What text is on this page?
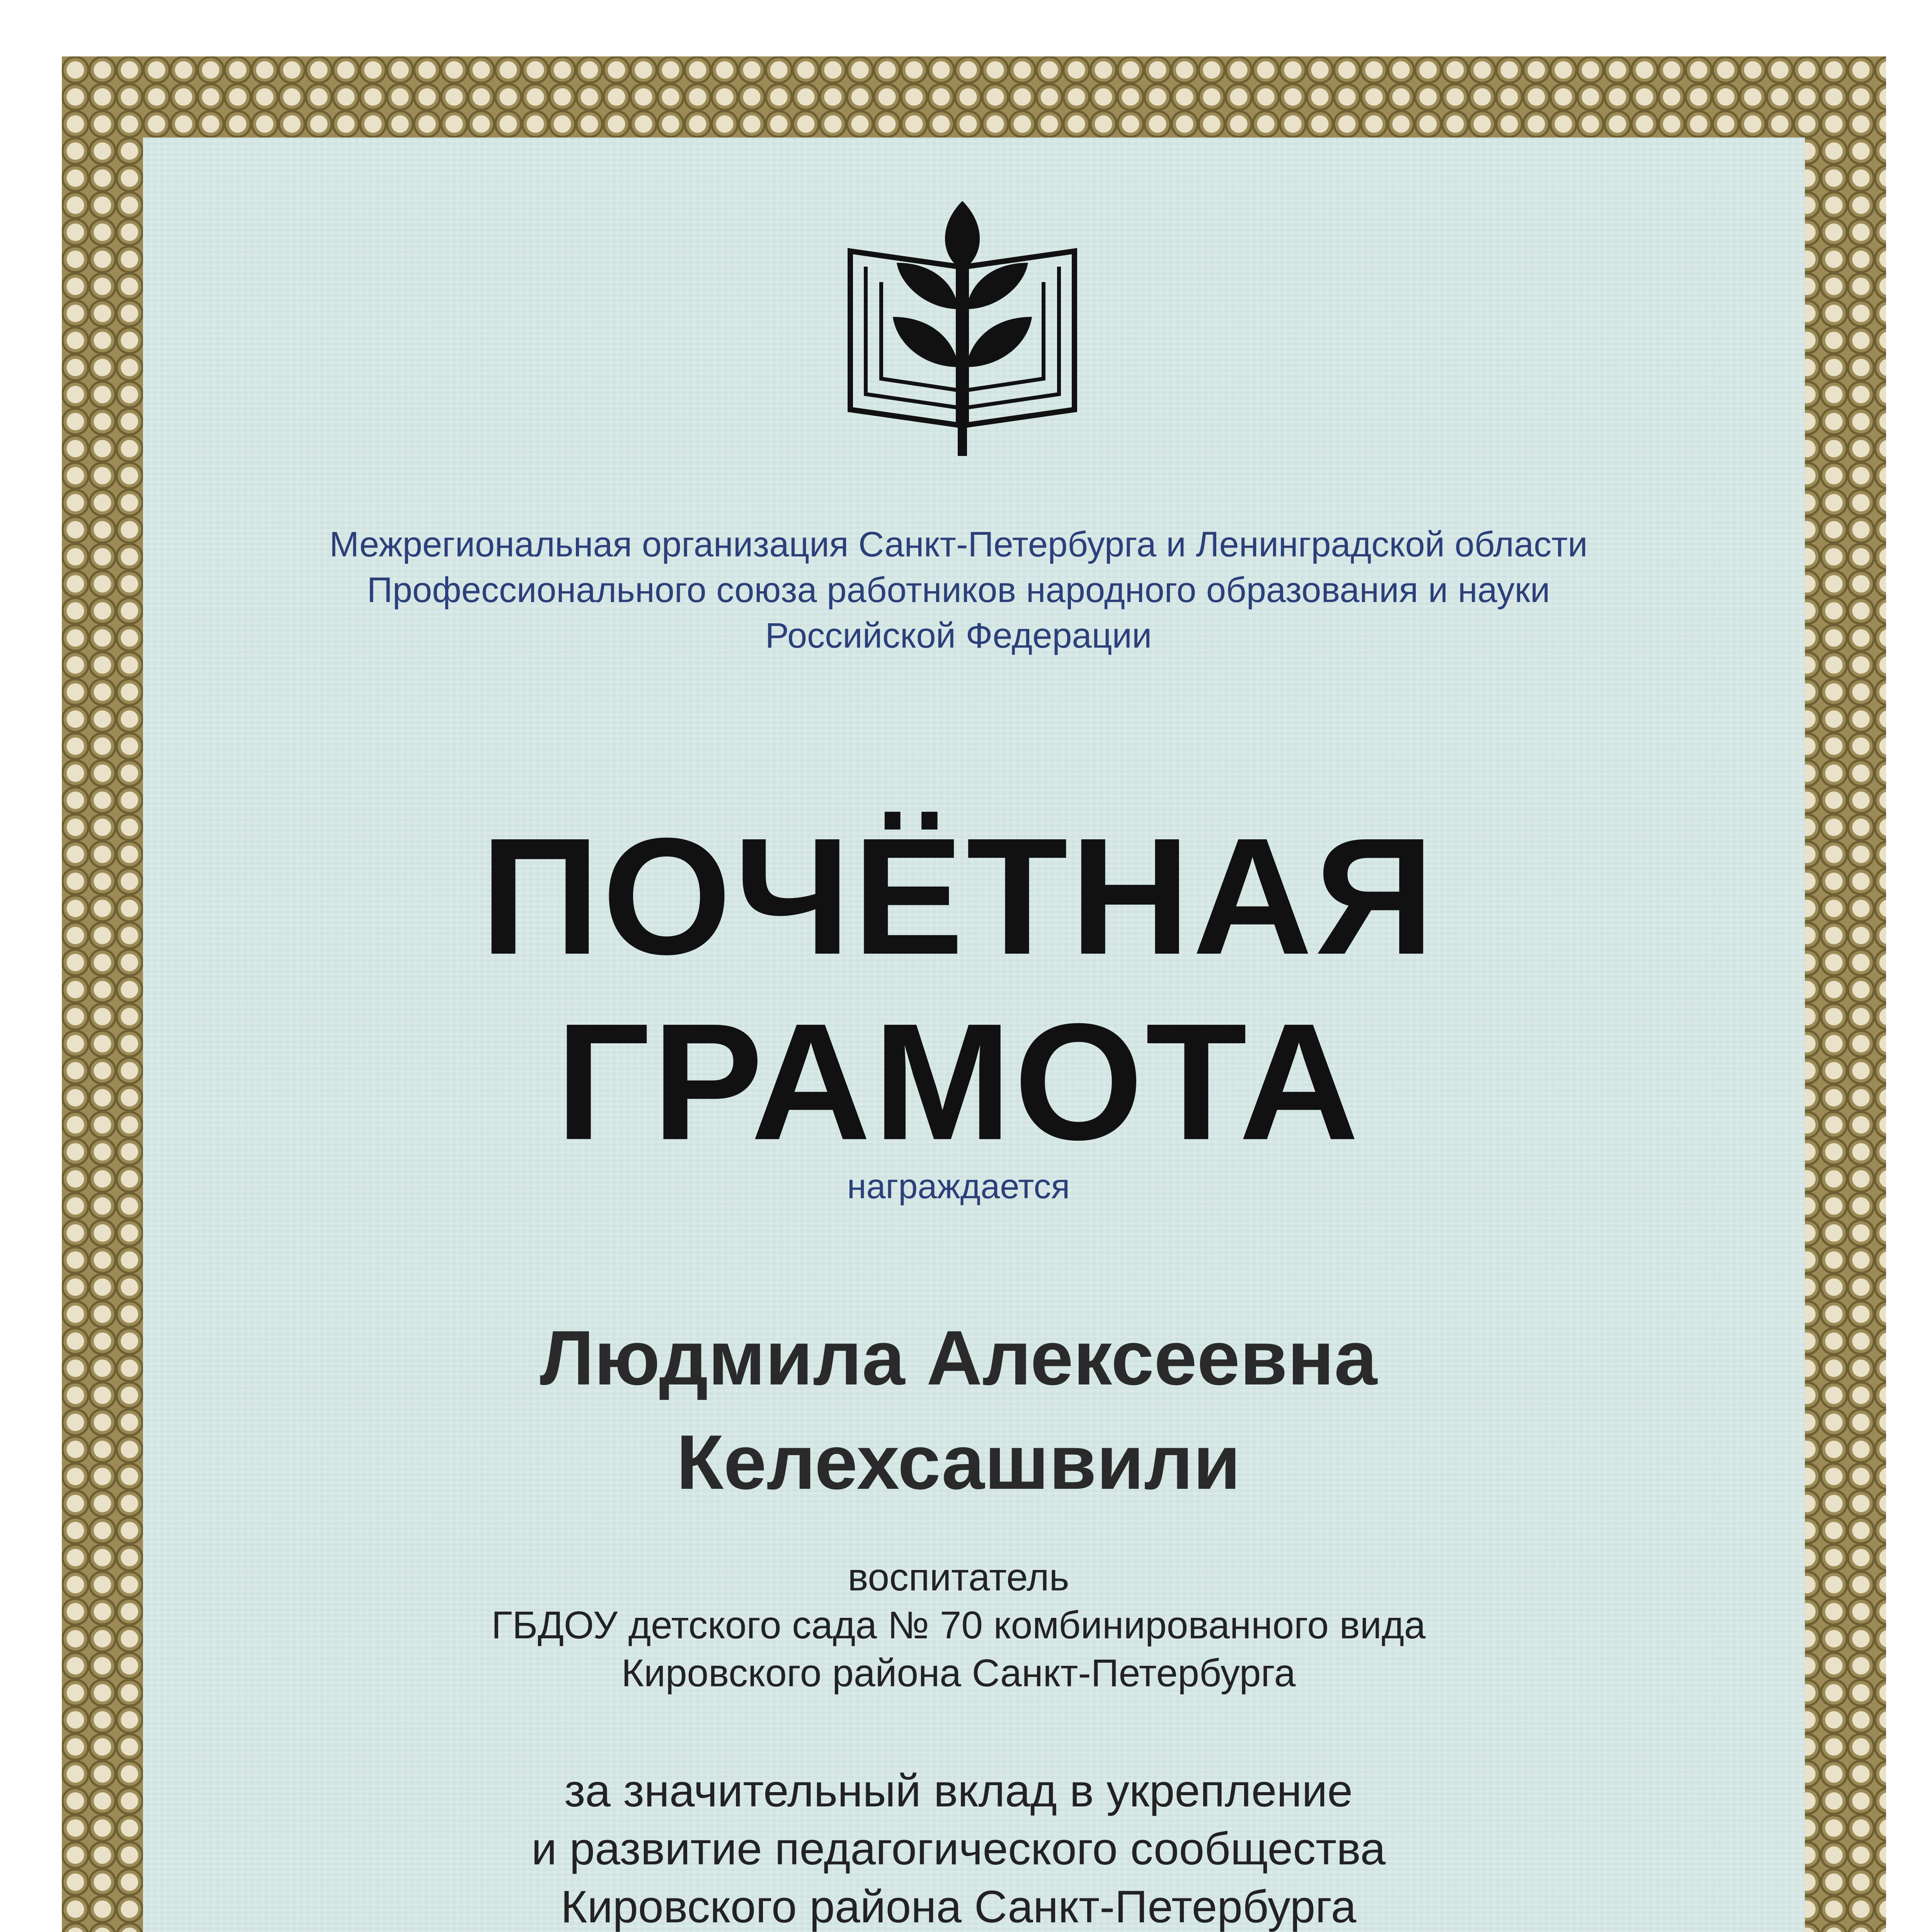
Межрегиональная организация Санкт-Петербурга и Ленинградской области
Профессионального союза работников народного образования и науки
Российской Федерации
ПОЧЁТНАЯ
ГРАМОТА
награждается
Людмила Алексеевна
Келехсашвили
воспитатель
ГБДОУ детского сада № 70 комбинированного вида
Кировского района Санкт-Петербурга
за значительный вклад в укрепление
и развитие педагогического сообщества
Кировского района Санкт-Петербурга
